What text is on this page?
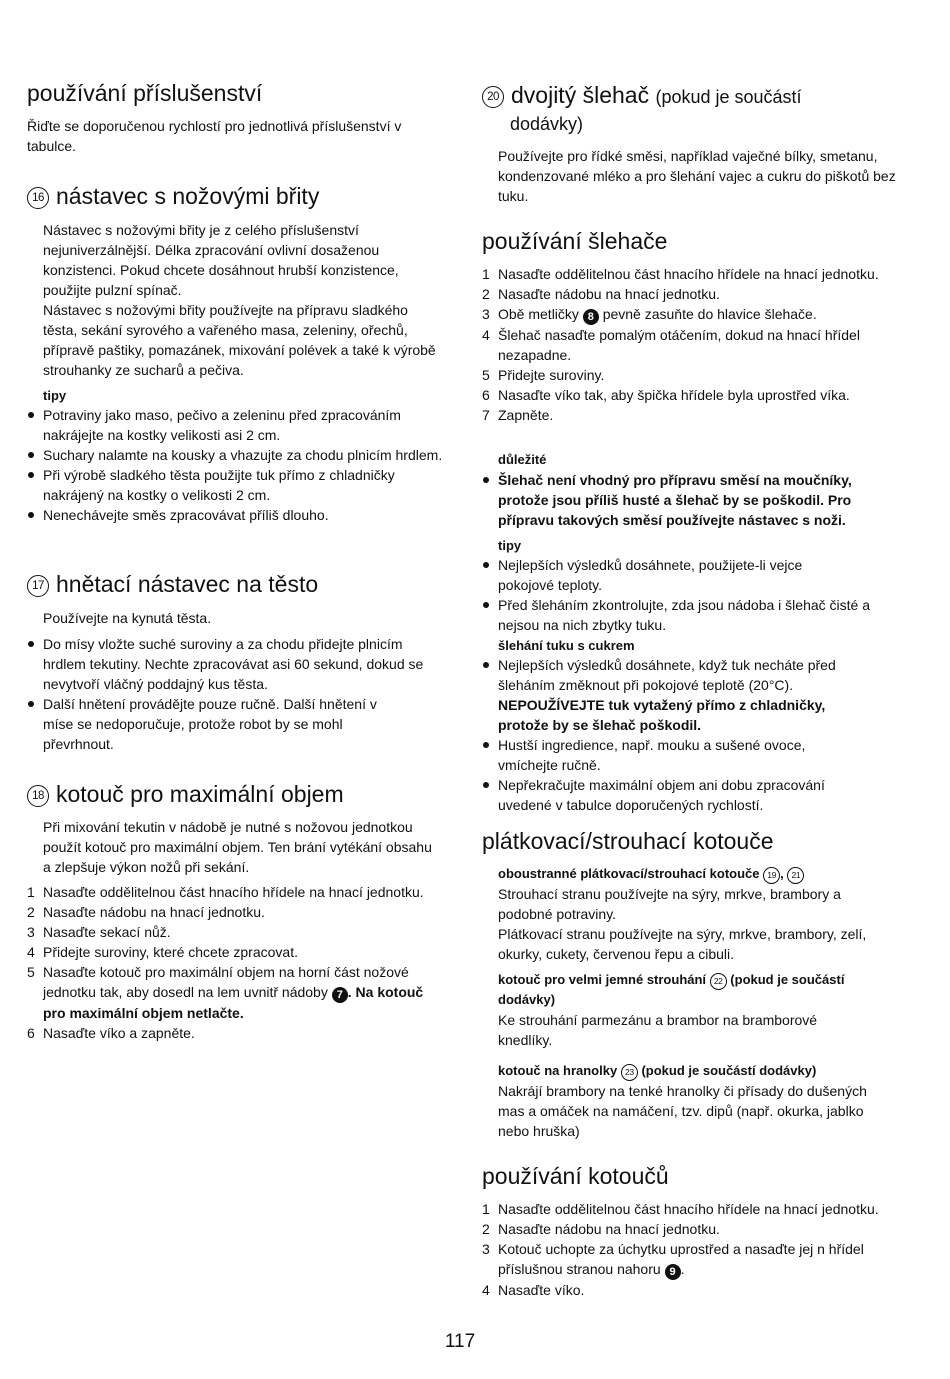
používání příslušenství

Řiďte se doporučenou rychlostí pro jednotlivá příslušenství v tabulce.

16 nástavec s nožovými břity

Nástavec s nožovými břity je z celého příslušenství nejuniverzálnější. Délka zpracování ovlivní dosaženou konzistenci. Pokud chcete dosáhnout hrubší konzistence, použijte pulzní spínač.

Nástavec s nožovými břity používejte na přípravu sladkého těsta, sekání syrového a vařeného masa, zeleniny, ořechů, přípravě paštiky, pomazánek, mixování polévek a také k výrobě strouhanky ze sucharů a pečiva.

tipy
Potraviny jako maso, pečivo a zeleninu před zpracováním nakrájejte na kostky velikosti asi 2 cm.
Suchary nalamte na kousky a vhazujte za chodu plnicím hrdlem.
Při výrobě sladkého těsta použijte tuk přímo z chladničky nakrájený na kostky o velikosti 2 cm.
Nenechávejte směs zpracovávat příliš dlouho.
17 hnětací nástavec na těsto
Používejte na kynutá těsta.
Do mísy vložte suché suroviny a za chodu přidejte plnicím hrdlem tekutiny. Nechte zpracovávat asi 60 sekund, dokud se nevytvoří vláčný poddajný kus těsta.
Další hnětení provádějte pouze ručně. Další hnětení v míse se nedoporučuje, protože robot by se mohl převrhnout.
18 kotouč pro maximální objem
Při mixování tekutin v nádobě je nutné s nožovou jednotkou použít kotouč pro maximální objem. Ten brání vytékání obsahu a zlepšuje výkon nožů při sekání.
1 Nasaďte oddělitelnou část hnacího hřídele na hnací jednotku.
2 Nasaďte nádobu na hnací jednotku.
3 Nasaďte sekací nůž.
4 Přidejte suroviny, které chcete zpracovat.
5 Nasaďte kotouč pro maximální objem na horní část nožové jednotku tak, aby dosedl na lem uvnitř nádoby 7 . Na kotouč pro maximální objem netlačte.
6 Nasaďte víko a zapněte.
20 dvojitý šlehač (pokud je součástí
dodávky)
Používejte pro řídké směsi, například vaječné bílky, smetanu, kondenzované mléko a pro šlehání vajec a cukru do piškotů bez tuku.
používání šlehače
1 Nasaďte oddělitelnou část hnacího hřídele na hnací jednotku.
2 Nasaďte nádobu na hnací jednotku.
3 Obě metličky 8 pevně zasuňte do hlavice šlehače.
4 Šlehač nasaďte pomalým otáčením, dokud na hnací hřídel nezapadne.
5 Přidejte suroviny.
6 Nasaďte víko tak, aby špička hřídele byla uprostřed víka.
7 Zapněte.
důležité
Šlehač není vhodný pro přípravu směsí na moučníky, protože jsou příliš husté a šlehač by se poškodil. Pro přípravu takových směsí používejte nástavec s noži.
tipy
Nejlepších výsledků dosáhnete, použijete-li vejce pokojové teploty.
Před šleháním zkontrolujte, zda jsou nádoba i šlehač čisté a nejsou na nich zbytky tuku.
šlehání tuku s cukrem
Nejlepších výsledků dosáhnete, když tuk necháte před šleháním změknout při pokojové teplotě (20°C).
NEPOUŽÍVEJTE tuk vytažený přímo z chladničky, protože by se šlehač poškodil.
Hustší ingredience, např. mouku a sušené ovoce, vmíchejte ručně.
Nepřekračujte maximální objem ani dobu zpracování uvedené v tabulce doporučených rychlostí.
plátkovací/strouhací kotouče

oboustranné plátkovací/strouhací kotouče 19 , 21

Strouhací stranu používejte na sýry, mrkve, brambory a podobné potraviny.

Plátkovací stranu používejte na sýry, mrkve, brambory, zelí, okurky, cukety, červenou řepu a cibuli.

kotouč pro velmi jemné strouhání 22 (pokud je součástí dodávky)

Ke strouhání parmezánu a brambor na bramborové knedlíky.

kotouč na hranolky 23 (pokud je součástí dodávky)

Nakrájí brambory na tenké hranolky či přísady do dušených mas a omáček na namáčení, tzv. dipů (např. okurka, jablko nebo hruška)

používání kotoučů
1 Nasaďte oddělitelnou část hnacího hřídele na hnací jednotku.
2 Nasaďte nádobu na hnací jednotku.
3 Kotouč uchopte za úchytku uprostřed a nasaďte jej n hřídel příslušnou stranou nahoru 9 .
4 Nasaďte víko.
117
